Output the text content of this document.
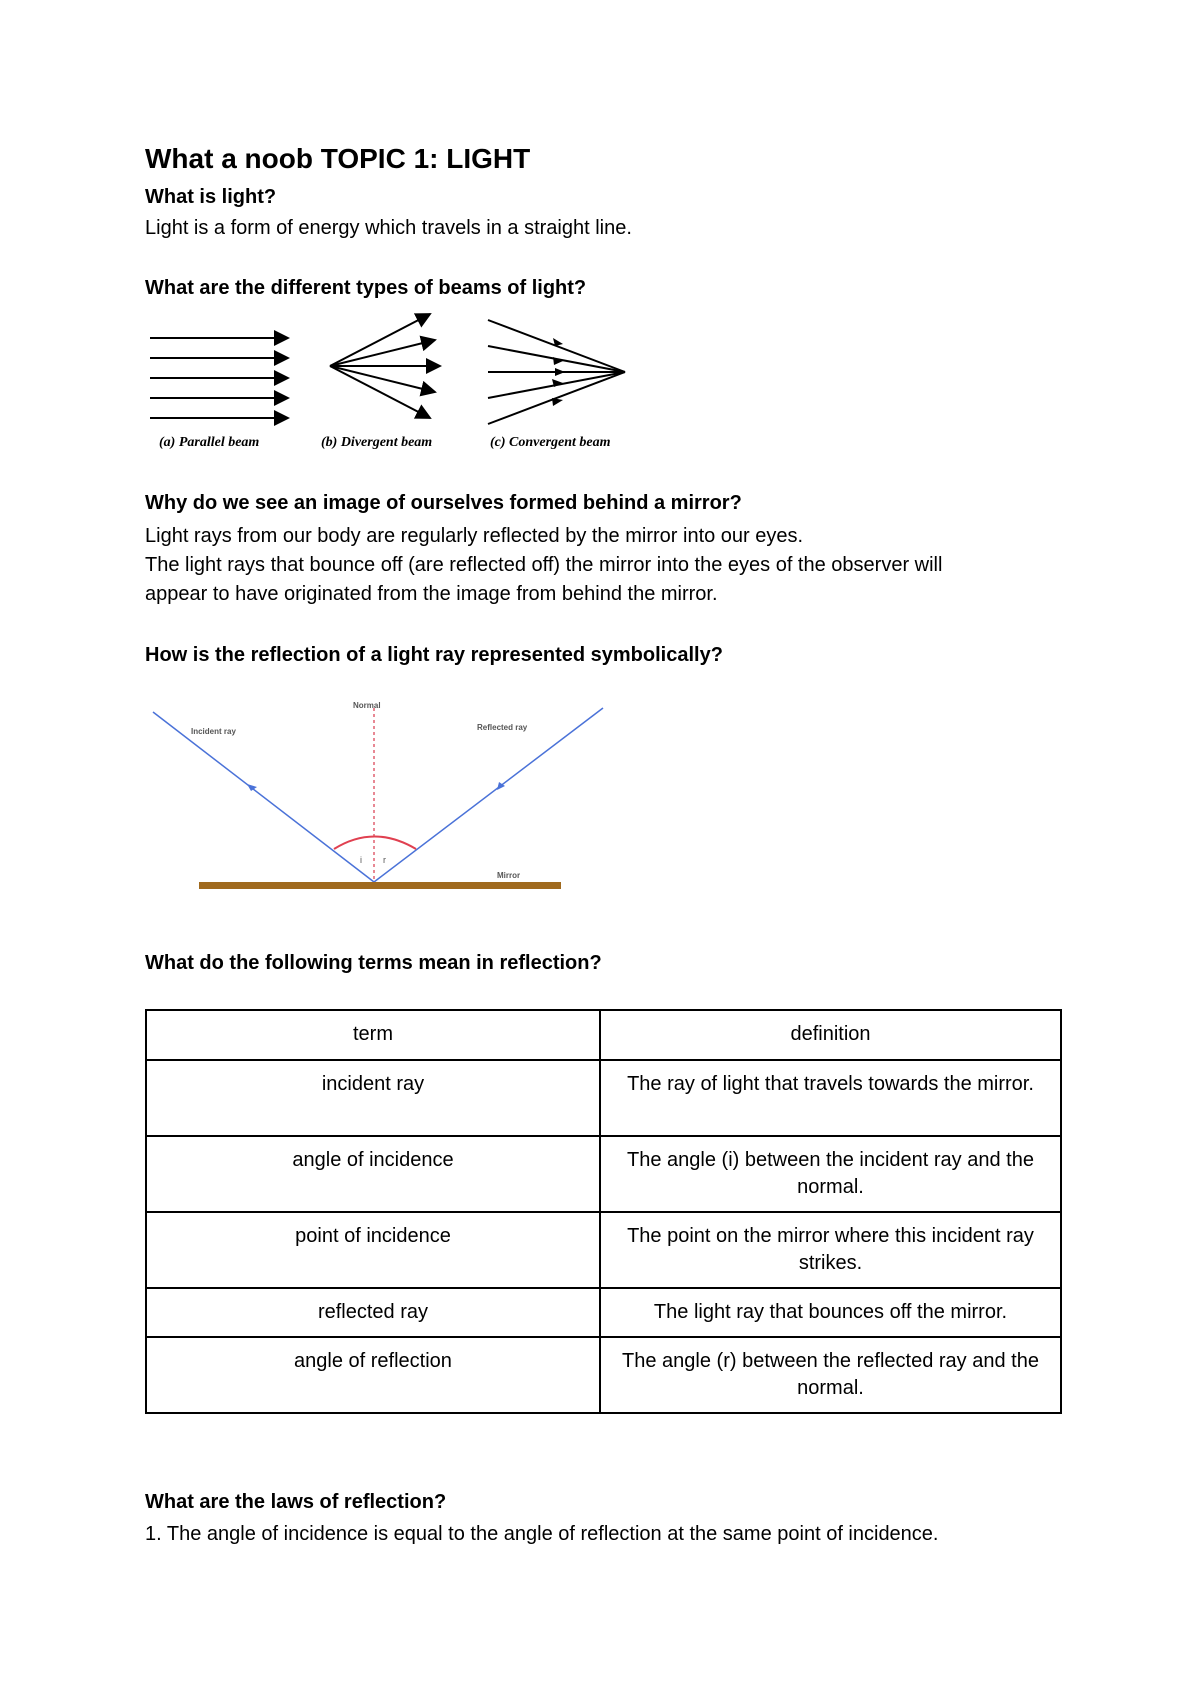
What a noob TOPIC 1: LIGHT
What is light?
Light is a form of energy which travels in a straight line.
What are the different types of beams of light?
(a) Parallel beam	(b) Divergent beam	(c) Convergent beam
Why do we see an image of ourselves formed behind a mirror?
Light rays from our body are regularly reflected by the mirror into our eyes.
The light rays that bounce off (are reflected off) the mirror into the eyes of the observer will
appear to have originated from the image from behind the mirror.
How is the reflection of a light ray represented symbolically?
Normal
Incident ray	Reflected ray
Mirror
i r
What do the following terms mean in reflection?
term	definition
incident ray	The ray of light that travels towards the mirror.
angle of incidence	The angle (i) between the incident ray and the normal.
point of incidence	The point on the mirror where this incident ray strikes.
reflected ray	The light ray that bounces off the mirror.
angle of reflection	The angle (r) between the reflected ray and the normal.
What are the laws of reflection?
1. The angle of incidence is equal to the angle of reflection at the same point of incidence.
